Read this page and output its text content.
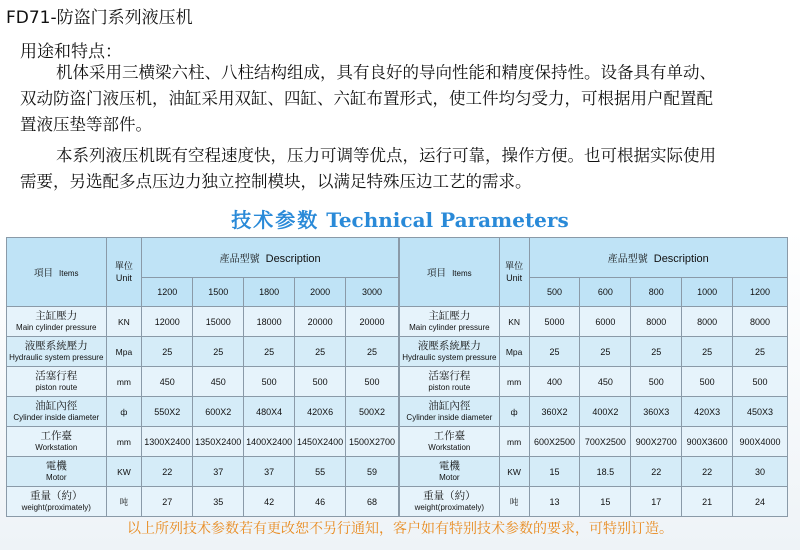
FD71-防盗门系列液压机
用途和特点：
机体采用三横梁六柱、八柱结构组成，具有良好的导向性能和精度保持性。设备具有单动、
双动防盗门液压机，油缸采用双缸、四缸、六缸布置形式，使工件均匀受力，可根据用户配置配
置液压垫等部件。
本系列液压机既有空程速度快，压力可调等优点，运行可靠，操作方便。也可根据实际使用
需要，另选配多点压边力独立控制模块，以满足特殊压边工艺的需求。
技术参数 Technical Parameters
項目 Items	單位
Unit	產品型號 Description				
		1200	1500	1800	2000	3000

主缸壓力
Main cylinder pressure	KN	12000	15000	18000	20000	20000

液壓系統壓力
Hydraulic system pressure	Mpa	25	25	25	25	25

活塞行程
piston route	mm	450	450	500	500	500

油缸內徑
Cylinder inside diameter	ф	550X2	600X2	480X4	420X6	500X2

工作臺
Workstation	mm	1300X2400	1350X2400	1400X2400	1450X2400	1500X2700

電機
Motor	KW	22	37	37	55	59

重量（約）
weight(proximately)	吨	27	35	42	46	68
項目 Items	單位
Unit	產品型號 Description				
		500	600	800	1000	1200

主缸壓力
Main cylinder pressure	KN	5000	6000	8000	8000	8000

液壓系統壓力
Hydraulic system pressure	Mpa	25	25	25	25	25

活塞行程
piston route	mm	400	450	500	500	500

油缸內徑
Cylinder inside diameter	ф	360X2	400X2	360X3	420X3	450X3

工作臺
Workstation	mm	600X2500	700X2500	900X2700	900X3600	900X4000

電機
Motor	KW	15	18.5	22	22	30

重量（約）
weight(proximately)	吨	13	15	17	21	24
以上所列技术参数若有更改恕不另行通知，客户如有特别技术参数的要求，可特别订造。
